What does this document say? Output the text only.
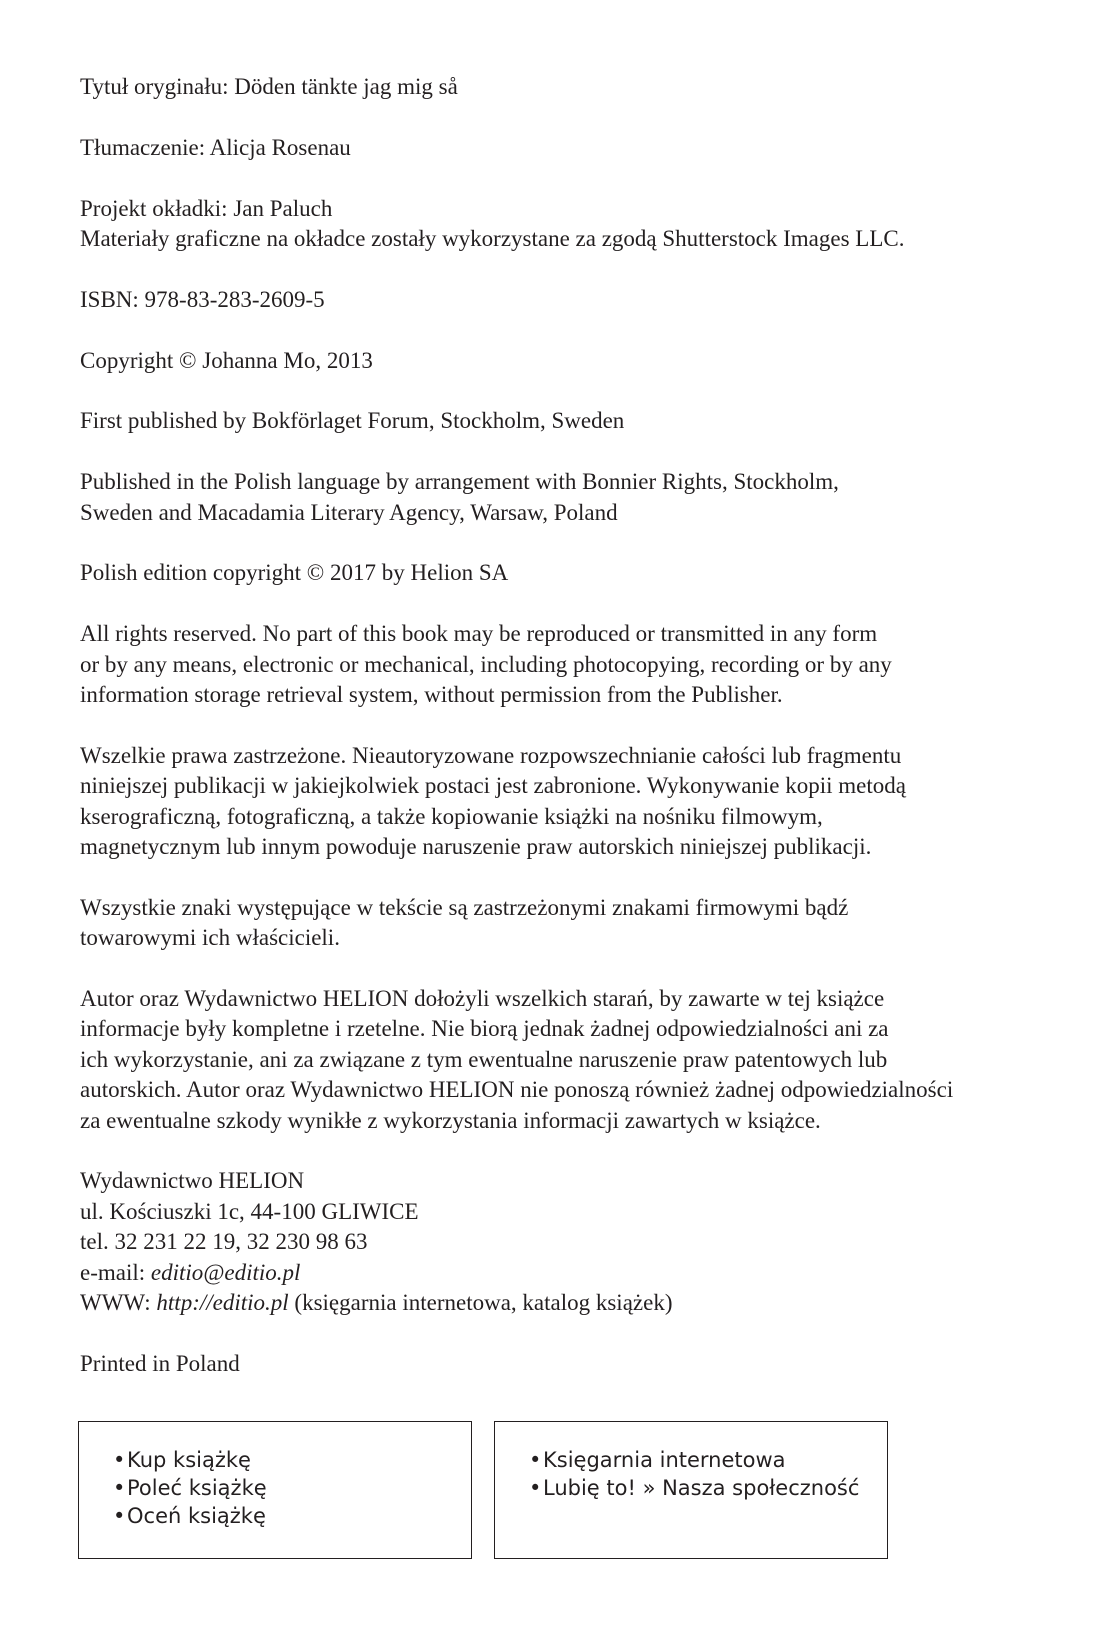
Tytuł oryginału: Döden tänkte jag mig så

Tłumaczenie: Alicja Rosenau

Projekt okładki: Jan Paluch
Materiały graficzne na okładce zostały wykorzystane za zgodą Shutterstock Images LLC.

ISBN: 978-83-283-2609-5

Copyright © Johanna Mo, 2013

First published by Bokförlaget Forum, Stockholm, Sweden

Published in the Polish language by arrangement with Bonnier Rights, Stockholm,
Sweden and Macadamia Literary Agency, Warsaw, Poland

Polish edition copyright © 2017 by Helion SA

All rights reserved. No part of this book may be reproduced or transmitted in any form
or by any means, electronic or mechanical, including photocopying, recording or by any
information storage retrieval system, without permission from the Publisher.

Wszelkie prawa zastrzeżone. Nieautoryzowane rozpowszechnianie całości lub fragmentu
niniejszej publikacji w jakiejkolwiek postaci jest zabronione. Wykonywanie kopii metodą
kserograficzną, fotograficzną, a także kopiowanie książki na nośniku filmowym,
magnetycznym lub innym powoduje naruszenie praw autorskich niniejszej publikacji.

Wszystkie znaki występujące w tekście są zastrzeżonymi znakami firmowymi bądź
towarowymi ich właścicieli.

Autor oraz Wydawnictwo HELION dołożyli wszelkich starań, by zawarte w tej książce
informacje były kompletne i rzetelne. Nie biorą jednak żadnej odpowiedzialności ani za
ich wykorzystanie, ani za związane z tym ewentualne naruszenie praw patentowych lub
autorskich. Autor oraz Wydawnictwo HELION nie ponoszą również żadnej odpowiedzialności
za ewentualne szkody wynikłe z wykorzystania informacji zawartych w książce.

Wydawnictwo HELION
ul. Kościuszki 1c, 44-100 GLIWICE
tel. 32 231 22 19, 32 230 98 63
e-mail: editio@editio.pl
WWW: http://editio.pl (księgarnia internetowa, katalog książek)

Printed in Poland

•Kup książkę
•Poleć książkę
•Oceń książkę
•Księgarnia internetowa
•Lubię to! » Nasza społeczność
